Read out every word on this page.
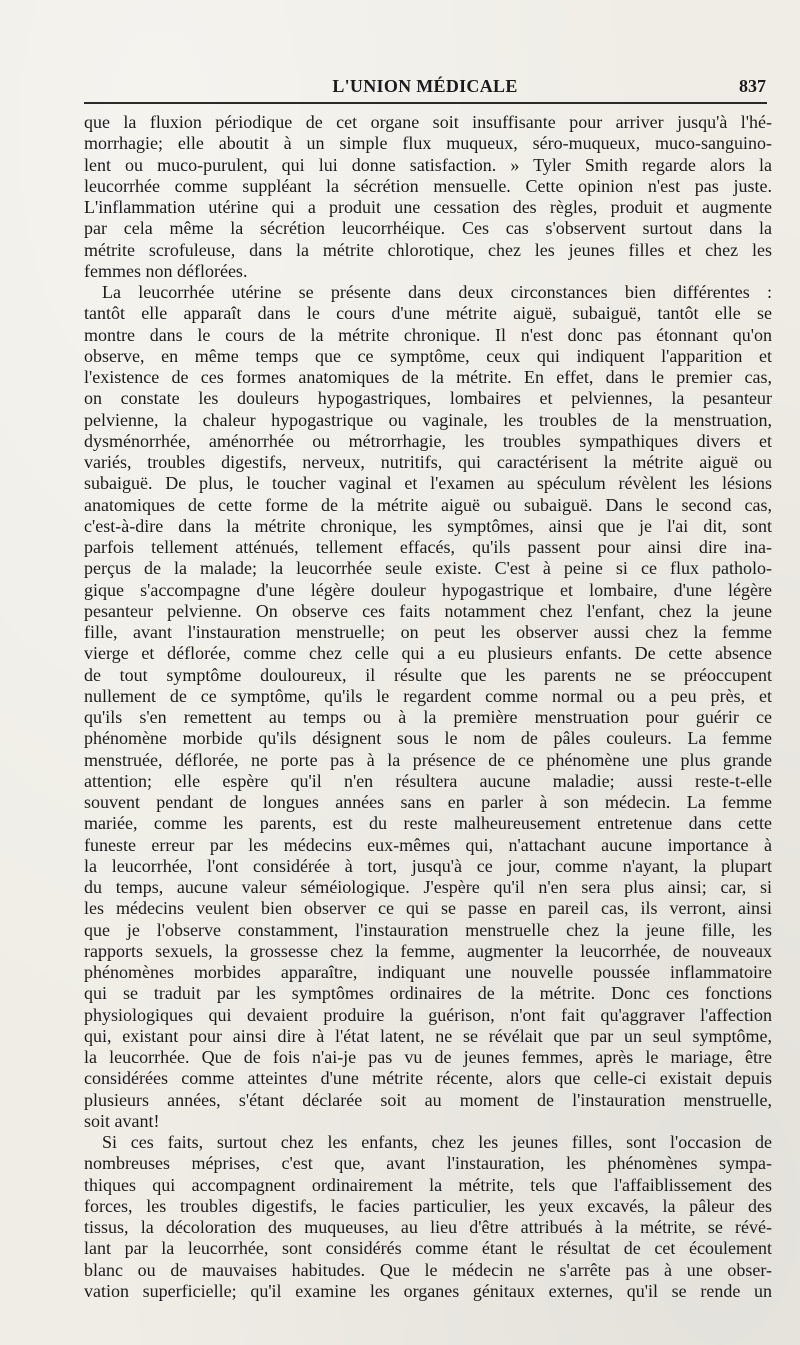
L'UNION MÉDICALE	837
que la fluxion périodique de cet organe soit insuffisante pour arriver jusqu'à l'hé-
morrhagie; elle aboutit à un simple flux muqueux, séro-muqueux, muco-sanguino-
lent ou muco-purulent, qui lui donne satisfaction. » Tyler Smith regarde alors la
leucorrhée comme suppléant la sécrétion mensuelle. Cette opinion n'est pas juste.
L'inflammation utérine qui a produit une cessation des règles, produit et augmente
par cela même la sécrétion leucorrhéique. Ces cas s'observent surtout dans la
métrite scrofuleuse, dans la métrite chlorotique, chez les jeunes filles et chez les
femmes non déflorées.
La leucorrhée utérine se présente dans deux circonstances bien différentes :
tantôt elle apparaît dans le cours d'une métrite aiguë, subaiguë, tantôt elle se
montre dans le cours de la métrite chronique. Il n'est donc pas étonnant qu'on
observe, en même temps que ce symptôme, ceux qui indiquent l'apparition et
l'existence de ces formes anatomiques de la métrite. En effet, dans le premier cas,
on constate les douleurs hypogastriques, lombaires et pelviennes, la pesanteur
pelvienne, la chaleur hypogastrique ou vaginale, les troubles de la menstruation,
dysménorrhée, aménorrhée ou métrorrhagie, les troubles sympathiques divers et
variés, troubles digestifs, nerveux, nutritifs, qui caractérisent la métrite aiguë ou
subaiguë. De plus, le toucher vaginal et l'examen au spéculum révèlent les lésions
anatomiques de cette forme de la métrite aiguë ou subaiguë. Dans le second cas,
c'est-à-dire dans la métrite chronique, les symptômes, ainsi que je l'ai dit, sont
parfois tellement atténués, tellement effacés, qu'ils passent pour ainsi dire ina-
perçus de la malade; la leucorrhée seule existe. C'est à peine si ce flux patholo-
gique s'accompagne d'une légère douleur hypogastrique et lombaire, d'une légère
pesanteur pelvienne. On observe ces faits notamment chez l'enfant, chez la jeune
fille, avant l'instauration menstruelle; on peut les observer aussi chez la femme
vierge et déflorée, comme chez celle qui a eu plusieurs enfants. De cette absence
de tout symptôme douloureux, il résulte que les parents ne se préoccupent
nullement de ce symptôme, qu'ils le regardent comme normal ou a peu près, et
qu'ils s'en remettent au temps ou à la première menstruation pour guérir ce
phénomène morbide qu'ils désignent sous le nom de pâles couleurs. La femme
menstruée, déflorée, ne porte pas à la présence de ce phénomène une plus grande
attention; elle espère qu'il n'en résultera aucune maladie; aussi reste-t-elle
souvent pendant de longues années sans en parler à son médecin. La femme
mariée, comme les parents, est du reste malheureusement entretenue dans cette
funeste erreur par les médecins eux-mêmes qui, n'attachant aucune importance à
la leucorrhée, l'ont considérée à tort, jusqu'à ce jour, comme n'ayant, la plupart
du temps, aucune valeur séméiologique. J'espère qu'il n'en sera plus ainsi; car, si
les médecins veulent bien observer ce qui se passe en pareil cas, ils verront, ainsi
que je l'observe constamment, l'instauration menstruelle chez la jeune fille, les
rapports sexuels, la grossesse chez la femme, augmenter la leucorrhée, de nouveaux
phénomènes morbides apparaître, indiquant une nouvelle poussée inflammatoire
qui se traduit par les symptômes ordinaires de la métrite. Donc ces fonctions
physiologiques qui devaient produire la guérison, n'ont fait qu'aggraver l'affection
qui, existant pour ainsi dire à l'état latent, ne se révélait que par un seul symptôme,
la leucorrhée. Que de fois n'ai-je pas vu de jeunes femmes, après le mariage, être
considérées comme atteintes d'une métrite récente, alors que celle-ci existait depuis
plusieurs années, s'étant déclarée soit au moment de l'instauration menstruelle,
soit avant!
Si ces faits, surtout chez les enfants, chez les jeunes filles, sont l'occasion de
nombreuses méprises, c'est que, avant l'instauration, les phénomènes sympa-
thiques qui accompagnent ordinairement la métrite, tels que l'affaiblissement des
forces, les troubles digestifs, le facies particulier, les yeux excavés, la pâleur des
tissus, la décoloration des muqueuses, au lieu d'être attribués à la métrite, se révé-
lant par la leucorrhée, sont considérés comme étant le résultat de cet écoulement
blanc ou de mauvaises habitudes. Que le médecin ne s'arrête pas à une obser-
vation superficielle; qu'il examine les organes génitaux externes, qu'il se rende un
